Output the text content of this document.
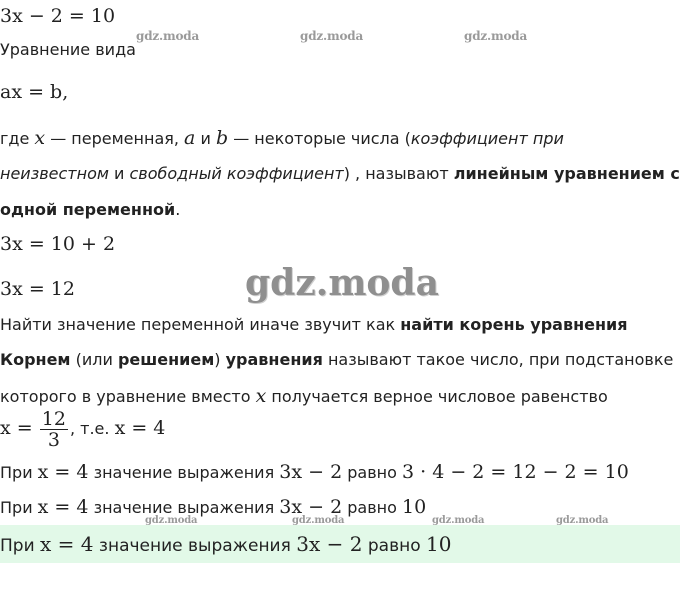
3x − 2 = 10
Уравнение вида
ax = b,
где x — переменная, a и b — некоторые числа (коэффициент при
неизвестном и свободный коэффициент) , называют линейным уравнением с
одной переменной.
3x = 10 + 2
3x = 12
Найти значение переменной иначе звучит как найти корень уравнения
Корнем (или решением) уравнения называют такое число, при подстановке
которого в уравнение вместо x получается верное числовое равенство
$x = \frac{12}{3}$ , т.е. x = 4
При x = 4 значение выражения 3x − 2 равно 3 · 4 − 2 = 12 − 2 = 10
При x = 4 значение выражения 3x − 2 равно 10
При x = 4 значение выражения 3x − 2 равно 10
gdz.moda	gdz.moda	gdz.moda
gdz.moda
gdz.moda	gdz.moda	gdz.moda	gdz.moda
